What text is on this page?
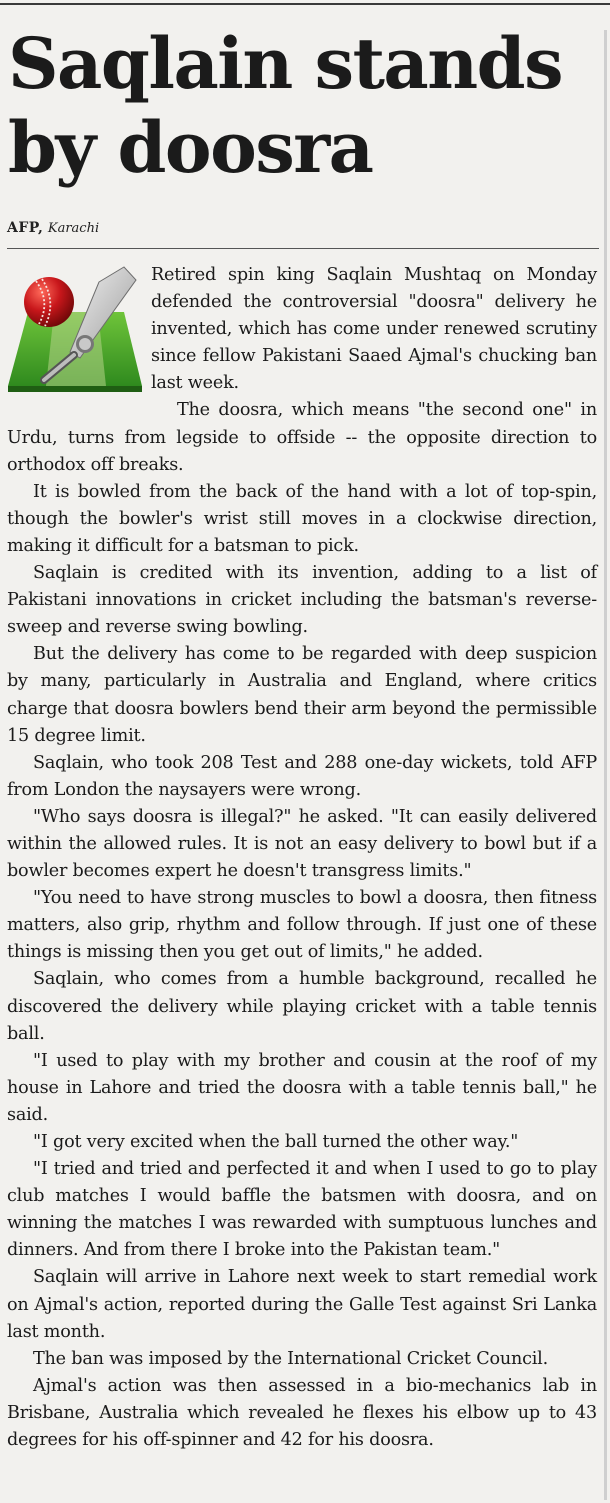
Saqlain stands by doosra
AFP, Karachi

Retired spin king Saqlain Mushtaq on Monday defended the controversial "doosra" delivery he invented, which has come under renewed scrutiny since fellow Pakistani Saaed Ajmal's chucking ban last week.

The doosra, which means "the second one" in Urdu, turns from legside to offside -- the opposite direction to orthodox off breaks.

It is bowled from the back of the hand with a lot of top-spin, though the bowler's wrist still moves in a clockwise direction, making it difficult for a batsman to pick.

Saqlain is credited with its invention, adding to a list of Pakistani innovations in cricket including the batsman's reverse-sweep and reverse swing bowling.

But the delivery has come to be regarded with deep suspicion by many, particularly in Australia and England, where critics charge that doosra bowlers bend their arm beyond the permissible 15 degree limit.

Saqlain, who took 208 Test and 288 one-day wickets, told AFP from London the naysayers were wrong.

"Who says doosra is illegal?" he asked. "It can easily delivered within the allowed rules. It is not an easy delivery to bowl but if a bowler becomes expert he doesn't transgress limits."

"You need to have strong muscles to bowl a doosra, then fitness matters, also grip, rhythm and follow through. If just one of these things is missing then you get out of limits," he added.

Saqlain, who comes from a humble background, recalled he discovered the delivery while playing cricket with a table tennis ball.

"I used to play with my brother and cousin at the roof of my house in Lahore and tried the doosra with a table tennis ball," he said.

"I got very excited when the ball turned the other way."

"I tried and tried and perfected it and when I used to go to play club matches I would baffle the batsmen with doosra, and on winning the matches I was rewarded with sumptuous lunches and dinners. And from there I broke into the Pakistan team."

Saqlain will arrive in Lahore next week to start remedial work on Ajmal's action, reported during the Galle Test against Sri Lanka last month.

The ban was imposed by the International Cricket Council.

Ajmal's action was then assessed in a bio-mechanics lab in Brisbane, Australia which revealed he flexes his elbow up to 43 degrees for his off-spinner and 42 for his doosra.
